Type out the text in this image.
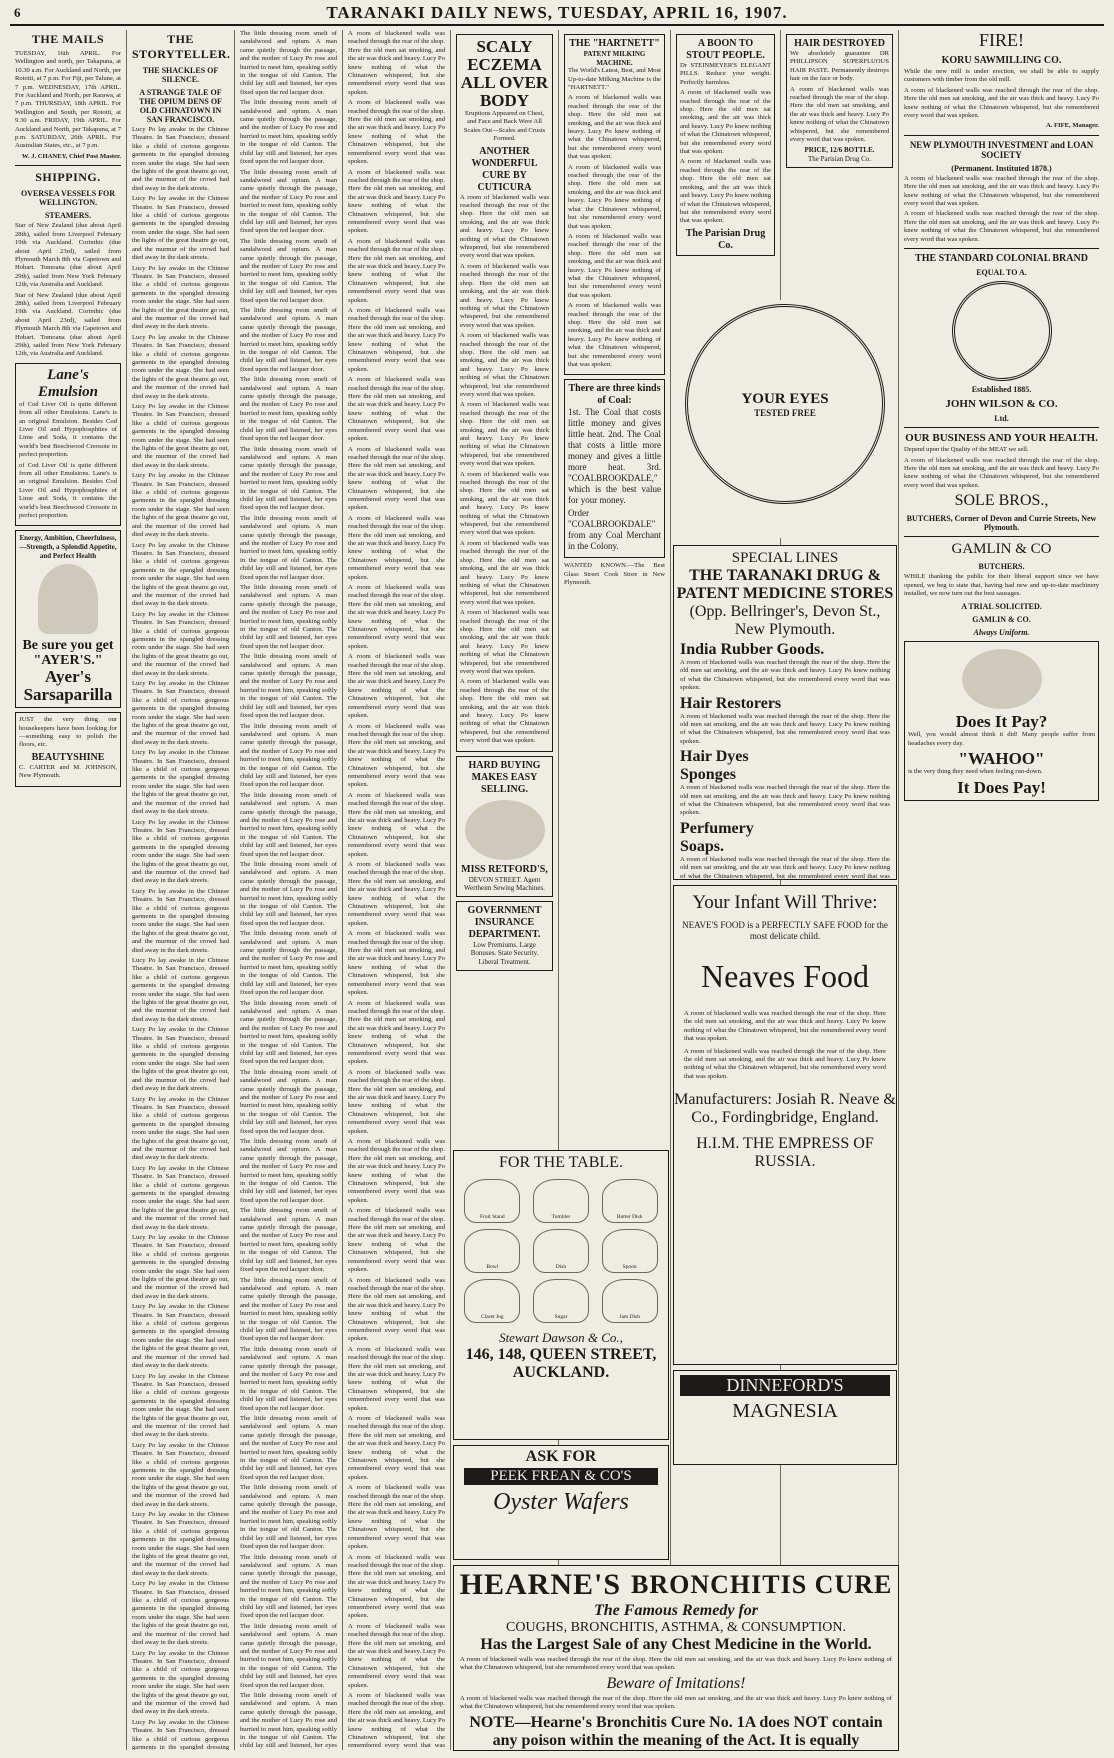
6	TARANAKI DAILY NEWS, TUESDAY, APRIL 16, 1907.
THE MAILS

TUESDAY, 16th APRIL. For Wellington and north, per Takapuna, at 10.30 a.m. For Auckland and North, per Rotoiti, at 7 p.m. For Fiji, per Talune, at 7 p.m. WEDNESDAY, 17th APRIL. For Auckland and North, per Rarawa, at 7 p.m. THURSDAY, 18th APRIL. For Wellington and South, per Rotoiti, at 9.30 a.m. FRIDAY, 19th APRIL. For Auckland and North, per Takapuna, at 7 p.m. SATURDAY, 20th APRIL. For Australian States, etc., at 7 p.m.

W. J. CHANEY, Chief Post Master.

SHIPPING.
OVERSEA VESSELS FOR WELLINGTON.
STEAMERS.

Star of New Zealand (due about April 28th), sailed from Liverpool February 19th via Auckland. Corinthic (due about April 23rd), sailed from Plymouth March 8th via Capetown and Hobart. Tomoana (due about April 29th), sailed from New York February 12th, via Australia and Auckland.

Star of New Zealand (due about April 28th), sailed from Liverpool February 19th via Auckland. Corinthic (due about April 23rd), sailed from Plymouth March 8th via Capetown and Hobart. Tomoana (due about April 29th), sailed from New York February 12th, via Australia and Auckland.

Lane's Emulsion

of Cod Liver Oil is quite different from all other Emulsions. Lane's is an original Emulsion. Besides Cod Liver Oil and Hypophosphites of Lime and Soda, it contains the world's best Beechwood Creosote in perfect proportion.

of Cod Liver Oil is quite different from all other Emulsions. Lane's is an original Emulsion. Besides Cod Liver Oil and Hypophosphites of Lime and Soda, it contains the world's best Beechwood Creosote in perfect proportion.

Energy, Ambition, Cheerfulness,—Strength, a Splendid Appetite, and Perfect Health
Be sure you get "AYER'S."
Ayer's Sarsaparilla

JUST the very thing our housekeepers have been looking for—something easy to polish the floors, etc.

BEAUTYSHINE

C. CARTER and M. JOHNSON, New Plymouth.

THE STORYTELLER.
THE SHACKLES OF SILENCE.
A STRANGE TALE OF THE OPIUM DENS OF OLD CHINATOWN IN SAN FRANCISCO.

Lucy Po lay awake in the Chinese Theatre. In San Francisco, dressed like a child of curious gorgeous garments in the spangled dressing room under the stage. She had seen the lights of the great theatre go out, and the murmur of the crowd had died away in the dark streets.

Lucy Po lay awake in the Chinese Theatre. In San Francisco, dressed like a child of curious gorgeous garments in the spangled dressing room under the stage. She had seen the lights of the great theatre go out, and the murmur of the crowd had died away in the dark streets.

Lucy Po lay awake in the Chinese Theatre. In San Francisco, dressed like a child of curious gorgeous garments in the spangled dressing room under the stage. She had seen the lights of the great theatre go out, and the murmur of the crowd had died away in the dark streets.

Lucy Po lay awake in the Chinese Theatre. In San Francisco, dressed like a child of curious gorgeous garments in the spangled dressing room under the stage. She had seen the lights of the great theatre go out, and the murmur of the crowd had died away in the dark streets.

Lucy Po lay awake in the Chinese Theatre. In San Francisco, dressed like a child of curious gorgeous garments in the spangled dressing room under the stage. She had seen the lights of the great theatre go out, and the murmur of the crowd had died away in the dark streets.

Lucy Po lay awake in the Chinese Theatre. In San Francisco, dressed like a child of curious gorgeous garments in the spangled dressing room under the stage. She had seen the lights of the great theatre go out, and the murmur of the crowd had died away in the dark streets.

Lucy Po lay awake in the Chinese Theatre. In San Francisco, dressed like a child of curious gorgeous garments in the spangled dressing room under the stage. She had seen the lights of the great theatre go out, and the murmur of the crowd had died away in the dark streets.

Lucy Po lay awake in the Chinese Theatre. In San Francisco, dressed like a child of curious gorgeous garments in the spangled dressing room under the stage. She had seen the lights of the great theatre go out, and the murmur of the crowd had died away in the dark streets.

Lucy Po lay awake in the Chinese Theatre. In San Francisco, dressed like a child of curious gorgeous garments in the spangled dressing room under the stage. She had seen the lights of the great theatre go out, and the murmur of the crowd had died away in the dark streets.

Lucy Po lay awake in the Chinese Theatre. In San Francisco, dressed like a child of curious gorgeous garments in the spangled dressing room under the stage. She had seen the lights of the great theatre go out, and the murmur of the crowd had died away in the dark streets.

Lucy Po lay awake in the Chinese Theatre. In San Francisco, dressed like a child of curious gorgeous garments in the spangled dressing room under the stage. She had seen the lights of the great theatre go out, and the murmur of the crowd had died away in the dark streets.

Lucy Po lay awake in the Chinese Theatre. In San Francisco, dressed like a child of curious gorgeous garments in the spangled dressing room under the stage. She had seen the lights of the great theatre go out, and the murmur of the crowd had died away in the dark streets.

Lucy Po lay awake in the Chinese Theatre. In San Francisco, dressed like a child of curious gorgeous garments in the spangled dressing room under the stage. She had seen the lights of the great theatre go out, and the murmur of the crowd had died away in the dark streets.

Lucy Po lay awake in the Chinese Theatre. In San Francisco, dressed like a child of curious gorgeous garments in the spangled dressing room under the stage. She had seen the lights of the great theatre go out, and the murmur of the crowd had died away in the dark streets.

Lucy Po lay awake in the Chinese Theatre. In San Francisco, dressed like a child of curious gorgeous garments in the spangled dressing room under the stage. She had seen the lights of the great theatre go out, and the murmur of the crowd had died away in the dark streets.

Lucy Po lay awake in the Chinese Theatre. In San Francisco, dressed like a child of curious gorgeous garments in the spangled dressing room under the stage. She had seen the lights of the great theatre go out, and the murmur of the crowd had died away in the dark streets.

Lucy Po lay awake in the Chinese Theatre. In San Francisco, dressed like a child of curious gorgeous garments in the spangled dressing room under the stage. She had seen the lights of the great theatre go out, and the murmur of the crowd had died away in the dark streets.

Lucy Po lay awake in the Chinese Theatre. In San Francisco, dressed like a child of curious gorgeous garments in the spangled dressing room under the stage. She had seen the lights of the great theatre go out, and the murmur of the crowd had died away in the dark streets.

Lucy Po lay awake in the Chinese Theatre. In San Francisco, dressed like a child of curious gorgeous garments in the spangled dressing room under the stage. She had seen the lights of the great theatre go out, and the murmur of the crowd had died away in the dark streets.

Lucy Po lay awake in the Chinese Theatre. In San Francisco, dressed like a child of curious gorgeous garments in the spangled dressing room under the stage. She had seen the lights of the great theatre go out, and the murmur of the crowd had died away in the dark streets.

Lucy Po lay awake in the Chinese Theatre. In San Francisco, dressed like a child of curious gorgeous garments in the spangled dressing room under the stage. She had seen the lights of the great theatre go out, and the murmur of the crowd had died away in the dark streets.

Lucy Po lay awake in the Chinese Theatre. In San Francisco, dressed like a child of curious gorgeous garments in the spangled dressing room under the stage. She had seen the lights of the great theatre go out, and the murmur of the crowd had died away in the dark streets.

Lucy Po lay awake in the Chinese Theatre. In San Francisco, dressed like a child of curious gorgeous garments in the spangled dressing room under the stage. She had seen the lights of the great theatre go out, and the murmur of the crowd had died away in the dark streets.

Lucy Po lay awake in the Chinese Theatre. In San Francisco, dressed like a child of curious gorgeous garments in the spangled dressing

The little dressing room smelt of sandalwood and opium. A man came quietly through the passage, and the mother of Lucy Po rose and hurried to meet him, speaking softly in the tongue of old Canton. The child lay still and listened, her eyes fixed upon the red lacquer door.

The little dressing room smelt of sandalwood and opium. A man came quietly through the passage, and the mother of Lucy Po rose and hurried to meet him, speaking softly in the tongue of old Canton. The child lay still and listened, her eyes fixed upon the red lacquer door.

The little dressing room smelt of sandalwood and opium. A man came quietly through the passage, and the mother of Lucy Po rose and hurried to meet him, speaking softly in the tongue of old Canton. The child lay still and listened, her eyes fixed upon the red lacquer door.

The little dressing room smelt of sandalwood and opium. A man came quietly through the passage, and the mother of Lucy Po rose and hurried to meet him, speaking softly in the tongue of old Canton. The child lay still and listened, her eyes fixed upon the red lacquer door.

The little dressing room smelt of sandalwood and opium. A man came quietly through the passage, and the mother of Lucy Po rose and hurried to meet him, speaking softly in the tongue of old Canton. The child lay still and listened, her eyes fixed upon the red lacquer door.

The little dressing room smelt of sandalwood and opium. A man came quietly through the passage, and the mother of Lucy Po rose and hurried to meet him, speaking softly in the tongue of old Canton. The child lay still and listened, her eyes fixed upon the red lacquer door.

The little dressing room smelt of sandalwood and opium. A man came quietly through the passage, and the mother of Lucy Po rose and hurried to meet him, speaking softly in the tongue of old Canton. The child lay still and listened, her eyes fixed upon the red lacquer door.

The little dressing room smelt of sandalwood and opium. A man came quietly through the passage, and the mother of Lucy Po rose and hurried to meet him, speaking softly in the tongue of old Canton. The child lay still and listened, her eyes fixed upon the red lacquer door.

The little dressing room smelt of sandalwood and opium. A man came quietly through the passage, and the mother of Lucy Po rose and hurried to meet him, speaking softly in the tongue of old Canton. The child lay still and listened, her eyes fixed upon the red lacquer door.

The little dressing room smelt of sandalwood and opium. A man came quietly through the passage, and the mother of Lucy Po rose and hurried to meet him, speaking softly in the tongue of old Canton. The child lay still and listened, her eyes fixed upon the red lacquer door.

The little dressing room smelt of sandalwood and opium. A man came quietly through the passage, and the mother of Lucy Po rose and hurried to meet him, speaking softly in the tongue of old Canton. The child lay still and listened, her eyes fixed upon the red lacquer door.

The little dressing room smelt of sandalwood and opium. A man came quietly through the passage, and the mother of Lucy Po rose and hurried to meet him, speaking softly in the tongue of old Canton. The child lay still and listened, her eyes fixed upon the red lacquer door.

The little dressing room smelt of sandalwood and opium. A man came quietly through the passage, and the mother of Lucy Po rose and hurried to meet him, speaking softly in the tongue of old Canton. The child lay still and listened, her eyes fixed upon the red lacquer door.

The little dressing room smelt of sandalwood and opium. A man came quietly through the passage, and the mother of Lucy Po rose and hurried to meet him, speaking softly in the tongue of old Canton. The child lay still and listened, her eyes fixed upon the red lacquer door.

The little dressing room smelt of sandalwood and opium. A man came quietly through the passage, and the mother of Lucy Po rose and hurried to meet him, speaking softly in the tongue of old Canton. The child lay still and listened, her eyes fixed upon the red lacquer door.

The little dressing room smelt of sandalwood and opium. A man came quietly through the passage, and the mother of Lucy Po rose and hurried to meet him, speaking softly in the tongue of old Canton. The child lay still and listened, her eyes fixed upon the red lacquer door.

The little dressing room smelt of sandalwood and opium. A man came quietly through the passage, and the mother of Lucy Po rose and hurried to meet him, speaking softly in the tongue of old Canton. The child lay still and listened, her eyes fixed upon the red lacquer door.

The little dressing room smelt of sandalwood and opium. A man came quietly through the passage, and the mother of Lucy Po rose and hurried to meet him, speaking softly in the tongue of old Canton. The child lay still and listened, her eyes fixed upon the red lacquer door.

The little dressing room smelt of sandalwood and opium. A man came quietly through the passage, and the mother of Lucy Po rose and hurried to meet him, speaking softly in the tongue of old Canton. The child lay still and listened, her eyes fixed upon the red lacquer door.

The little dressing room smelt of sandalwood and opium. A man came quietly through the passage, and the mother of Lucy Po rose and hurried to meet him, speaking softly in the tongue of old Canton. The child lay still and listened, her eyes fixed upon the red lacquer door.

The little dressing room smelt of sandalwood and opium. A man came quietly through the passage, and the mother of Lucy Po rose and hurried to meet him, speaking softly in the tongue of old Canton. The child lay still and listened, her eyes fixed upon the red lacquer door.

The little dressing room smelt of sandalwood and opium. A man came quietly through the passage, and the mother of Lucy Po rose and hurried to meet him, speaking softly in the tongue of old Canton. The child lay still and listened, her eyes fixed upon the red lacquer door.

The little dressing room smelt of sandalwood and opium. A man came quietly through the passage, and the mother of Lucy Po rose and hurried to meet him, speaking softly in the tongue of old Canton. The child lay still and listened, her eyes fixed upon the red lacquer door.

The little dressing room smelt of sandalwood and opium. A man came quietly through the passage, and the mother of Lucy Po rose and hurried to meet him, speaking softly in the tongue of old Canton. The child lay still and listened, her eyes fixed upon the red lacquer door.

The little dressing room smelt of sandalwood and opium. A man came quietly through the passage, and the mother of Lucy Po rose and hurried to meet him, speaking softly in the tongue of old Canton. The child lay still and listened, her eyes

A room of blackened walls was reached through the rear of the shop. Here the old men sat smoking, and the air was thick and heavy. Lucy Po knew nothing of what the Chinatown whispered, but she remembered every word that was spoken.

A room of blackened walls was reached through the rear of the shop. Here the old men sat smoking, and the air was thick and heavy. Lucy Po knew nothing of what the Chinatown whispered, but she remembered every word that was spoken.

A room of blackened walls was reached through the rear of the shop. Here the old men sat smoking, and the air was thick and heavy. Lucy Po knew nothing of what the Chinatown whispered, but she remembered every word that was spoken.

A room of blackened walls was reached through the rear of the shop. Here the old men sat smoking, and the air was thick and heavy. Lucy Po knew nothing of what the Chinatown whispered, but she remembered every word that was spoken.

A room of blackened walls was reached through the rear of the shop. Here the old men sat smoking, and the air was thick and heavy. Lucy Po knew nothing of what the Chinatown whispered, but she remembered every word that was spoken.

A room of blackened walls was reached through the rear of the shop. Here the old men sat smoking, and the air was thick and heavy. Lucy Po knew nothing of what the Chinatown whispered, but she remembered every word that was spoken.

A room of blackened walls was reached through the rear of the shop. Here the old men sat smoking, and the air was thick and heavy. Lucy Po knew nothing of what the Chinatown whispered, but she remembered every word that was spoken.

A room of blackened walls was reached through the rear of the shop. Here the old men sat smoking, and the air was thick and heavy. Lucy Po knew nothing of what the Chinatown whispered, but she remembered every word that was spoken.

A room of blackened walls was reached through the rear of the shop. Here the old men sat smoking, and the air was thick and heavy. Lucy Po knew nothing of what the Chinatown whispered, but she remembered every word that was spoken.

A room of blackened walls was reached through the rear of the shop. Here the old men sat smoking, and the air was thick and heavy. Lucy Po knew nothing of what the Chinatown whispered, but she remembered every word that was spoken.

A room of blackened walls was reached through the rear of the shop. Here the old men sat smoking, and the air was thick and heavy. Lucy Po knew nothing of what the Chinatown whispered, but she remembered every word that was spoken.

A room of blackened walls was reached through the rear of the shop. Here the old men sat smoking, and the air was thick and heavy. Lucy Po knew nothing of what the Chinatown whispered, but she remembered every word that was spoken.

A room of blackened walls was reached through the rear of the shop. Here the old men sat smoking, and the air was thick and heavy. Lucy Po knew nothing of what the Chinatown whispered, but she remembered every word that was spoken.

A room of blackened walls was reached through the rear of the shop. Here the old men sat smoking, and the air was thick and heavy. Lucy Po knew nothing of what the Chinatown whispered, but she remembered every word that was spoken.

A room of blackened walls was reached through the rear of the shop. Here the old men sat smoking, and the air was thick and heavy. Lucy Po knew nothing of what the Chinatown whispered, but she remembered every word that was spoken.

A room of blackened walls was reached through the rear of the shop. Here the old men sat smoking, and the air was thick and heavy. Lucy Po knew nothing of what the Chinatown whispered, but she remembered every word that was spoken.

A room of blackened walls was reached through the rear of the shop. Here the old men sat smoking, and the air was thick and heavy. Lucy Po knew nothing of what the Chinatown whispered, but she remembered every word that was spoken.

A room of blackened walls was reached through the rear of the shop. Here the old men sat smoking, and the air was thick and heavy. Lucy Po knew nothing of what the Chinatown whispered, but she remembered every word that was spoken.

A room of blackened walls was reached through the rear of the shop. Here the old men sat smoking, and the air was thick and heavy. Lucy Po knew nothing of what the Chinatown whispered, but she remembered every word that was spoken.

A room of blackened walls was reached through the rear of the shop. Here the old men sat smoking, and the air was thick and heavy. Lucy Po knew nothing of what the Chinatown whispered, but she remembered every word that was spoken.

A room of blackened walls was reached through the rear of the shop. Here the old men sat smoking, and the air was thick and heavy. Lucy Po knew nothing of what the Chinatown whispered, but she remembered every word that was spoken.

A room of blackened walls was reached through the rear of the shop. Here the old men sat smoking, and the air was thick and heavy. Lucy Po knew nothing of what the Chinatown whispered, but she remembered every word that was spoken.

A room of blackened walls was reached through the rear of the shop. Here the old men sat smoking, and the air was thick and heavy. Lucy Po knew nothing of what the Chinatown whispered, but she remembered every word that was spoken.

A room of blackened walls was reached through the rear of the shop. Here the old men sat smoking, and the air was thick and heavy. Lucy Po knew nothing of what the Chinatown whispered, but she remembered every word that was spoken.

A room of blackened walls was reached through the rear of the shop. Here the old men sat smoking, and the air was thick and heavy. Lucy Po knew nothing of what the Chinatown whispered, but she remembered every word that was

SCALY ECZEMA ALL OVER BODY

Eruptions Appeared on Chest, and Face and Back Were All Scales Out—Scales and Crusts Formed.

ANOTHER WONDERFUL CURE BY CUTICURA

A room of blackened walls was reached through the rear of the shop. Here the old men sat smoking, and the air was thick and heavy. Lucy Po knew nothing of what the Chinatown whispered, but she remembered every word that was spoken.

A room of blackened walls was reached through the rear of the shop. Here the old men sat smoking, and the air was thick and heavy. Lucy Po knew nothing of what the Chinatown whispered, but she remembered every word that was spoken.

A room of blackened walls was reached through the rear of the shop. Here the old men sat smoking, and the air was thick and heavy. Lucy Po knew nothing of what the Chinatown whispered, but she remembered every word that was spoken.

A room of blackened walls was reached through the rear of the shop. Here the old men sat smoking, and the air was thick and heavy. Lucy Po knew nothing of what the Chinatown whispered, but she remembered every word that was spoken.

A room of blackened walls was reached through the rear of the shop. Here the old men sat smoking, and the air was thick and heavy. Lucy Po knew nothing of what the Chinatown whispered, but she remembered every word that was spoken.

A room of blackened walls was reached through the rear of the shop. Here the old men sat smoking, and the air was thick and heavy. Lucy Po knew nothing of what the Chinatown whispered, but she remembered every word that was spoken.

A room of blackened walls was reached through the rear of the shop. Here the old men sat smoking, and the air was thick and heavy. Lucy Po knew nothing of what the Chinatown whispered, but she remembered every word that was spoken.

A room of blackened walls was reached through the rear of the shop. Here the old men sat smoking, and the air was thick and heavy. Lucy Po knew nothing of what the Chinatown whispered, but she remembered every word that was spoken.

HARD BUYING MAKES EASY SELLING.
MISS RETFORD'S,
DEVON STREET. Agent Wertheim Sewing Machines.
GOVERNMENT INSURANCE DEPARTMENT.
Low Premiums. Large Bonuses. State Security. Liberal Treatment.
THE "HARTNETT"
PATENT MILKING MACHINE.

The World's Latest, Best, and Most Up-to-date Milking Machine is the "HARTNETT."

A room of blackened walls was reached through the rear of the shop. Here the old men sat smoking, and the air was thick and heavy. Lucy Po knew nothing of what the Chinatown whispered, but she remembered every word that was spoken.

A room of blackened walls was reached through the rear of the shop. Here the old men sat smoking, and the air was thick and heavy. Lucy Po knew nothing of what the Chinatown whispered, but she remembered every word that was spoken.

A room of blackened walls was reached through the rear of the shop. Here the old men sat smoking, and the air was thick and heavy. Lucy Po knew nothing of what the Chinatown whispered, but she remembered every word that was spoken.

A room of blackened walls was reached through the rear of the shop. Here the old men sat smoking, and the air was thick and heavy. Lucy Po knew nothing of what the Chinatown whispered, but she remembered every word that was spoken.

There are three kinds of Coal:

1st. The Coal that costs little money and gives little heat. 2nd. The Coal that costs a little more money and gives a little more heat. 3rd. "COALBROOKDALE," which is the best value for your money.

Order "COALBROOKDALE" from any Coal Merchant in the Colony.

WANTED KNOWN.—The Best Glass Street Cook Store in New Plymouth.

A BOON TO STOUT PEOPLE.

Dr STEINMEYER'S ELEGANT PILLS. Reduce your weight. Perfectly harmless.

A room of blackened walls was reached through the rear of the shop. Here the old men sat smoking, and the air was thick and heavy. Lucy Po knew nothing of what the Chinatown whispered, but she remembered every word that was spoken.

A room of blackened walls was reached through the rear of the shop. Here the old men sat smoking, and the air was thick and heavy. Lucy Po knew nothing of what the Chinatown whispered, but she remembered every word that was spoken.

The Parisian Drug Co.
HAIR DESTROYED

We absolutely guarantee DR PHILLIPSON SUPERFLUOUS HAIR PASTE. Permanently destroys hair on the face or body.

A room of blackened walls was reached through the rear of the shop. Here the old men sat smoking, and the air was thick and heavy. Lucy Po knew nothing of what the Chinatown whispered, but she remembered every word that was spoken.

PRICE, 12/6 BOTTLE.
The Parisian Drug Co.
YOUR EYES
TESTED FREE
SPECIAL LINES
THE TARANAKI DRUG & PATENT MEDICINE STORES
(Opp. Bellringer's, Devon St., New Plymouth.
India Rubber Goods.

A room of blackened walls was reached through the rear of the shop. Here the old men sat smoking, and the air was thick and heavy. Lucy Po knew nothing of what the Chinatown whispered, but she remembered every word that was spoken.

Hair Restorers

A room of blackened walls was reached through the rear of the shop. Here the old men sat smoking, and the air was thick and heavy. Lucy Po knew nothing of what the Chinatown whispered, but she remembered every word that was spoken.

Hair Dyes
Sponges

A room of blackened walls was reached through the rear of the shop. Here the old men sat smoking, and the air was thick and heavy. Lucy Po knew nothing of what the Chinatown whispered, but she remembered every word that was spoken.

Perfumery
Soaps.

A room of blackened walls was reached through the rear of the shop. Here the old men sat smoking, and the air was thick and heavy. Lucy Po knew nothing of what the Chinatown whispered, but she remembered every word that was

FOR THE TABLE.
Fruit Stand	Tumbler	Butter Dish
Bowl	Dish	Spoon
Claret Jug	Sugar	Jam Dish
Stewart Dawson & Co.,
146, 148, QUEEN STREET, AUCKLAND.
ASK FOR
PEEK FREAN & CO'S
Oyster Wafers
Your Infant Will Thrive:

NEAVE'S FOOD is a PERFECTLY SAFE FOOD for the most delicate child.

Neaves Food

A room of blackened walls was reached through the rear of the shop. Here the old men sat smoking, and the air was thick and heavy. Lucy Po knew nothing of what the Chinatown whispered, but she remembered every word that was spoken.

A room of blackened walls was reached through the rear of the shop. Here the old men sat smoking, and the air was thick and heavy. Lucy Po knew nothing of what the Chinatown whispered, but she remembered every word that was spoken.

Manufacturers: Josiah R. Neave & Co., Fordingbridge, England.
H.I.M. THE EMPRESS OF RUSSIA.
DINNEFORD'S
MAGNESIA
HEARNE'S BRONCHITIS CURE
The Famous Remedy for
COUGHS, BRONCHITIS, ASTHMA, & CONSUMPTION.
Has the Largest Sale of any Chest Medicine in the World.

A room of blackened walls was reached through the rear of the shop. Here the old men sat smoking, and the air was thick and heavy. Lucy Po knew nothing of what the Chinatown whispered, but she remembered every word that was spoken.

Beware of Imitations!

A room of blackened walls was reached through the rear of the shop. Here the old men sat smoking, and the air was thick and heavy. Lucy Po knew nothing of what the Chinatown whispered, but she remembered every word that was spoken.

NOTE—Hearne's Bronchitis Cure No. 1A does NOT contain any poison within the meaning of the Act. It is equally
FIRE!
KORU SAWMILLING CO.

While the new mill is under erection, we shall be able to supply customers with timber from the old mill.

A room of blackened walls was reached through the rear of the shop. Here the old men sat smoking, and the air was thick and heavy. Lucy Po knew nothing of what the Chinatown whispered, but she remembered every word that was spoken.

A. FIFE, Manager.

NEW PLYMOUTH INVESTMENT and LOAN SOCIETY
(Permanent. Instituted 1878.)

A room of blackened walls was reached through the rear of the shop. Here the old men sat smoking, and the air was thick and heavy. Lucy Po knew nothing of what the Chinatown whispered, but she remembered every word that was spoken.

A room of blackened walls was reached through the rear of the shop. Here the old men sat smoking, and the air was thick and heavy. Lucy Po knew nothing of what the Chinatown whispered, but she remembered every word that was spoken.

THE STANDARD COLONIAL BRAND
EQUAL TO A.
Established 1885.
JOHN WILSON & CO.
Ltd.
OUR BUSINESS AND YOUR HEALTH.

Depend upon the Quality of the MEAT we sell.

A room of blackened walls was reached through the rear of the shop. Here the old men sat smoking, and the air was thick and heavy. Lucy Po knew nothing of what the Chinatown whispered, but she remembered every word that was spoken.

SOLE BROS.,
BUTCHERS, Corner of Devon and Currie Streets, New Plymouth.
GAMLIN & CO
BUTCHERS.

WHILE thanking the public for their liberal support since we have opened, we beg to state that, having had new and up-to-date machinery installed, we now turn out the best sausages.

A TRIAL SOLICITED.
GAMLIN & CO.
Always Uniform.
Does It Pay?

Well, you would almost think it did! Many people suffer from headaches every day.

"WAHOO"

is the very thing they need when feeling run-down.

It Does Pay!
